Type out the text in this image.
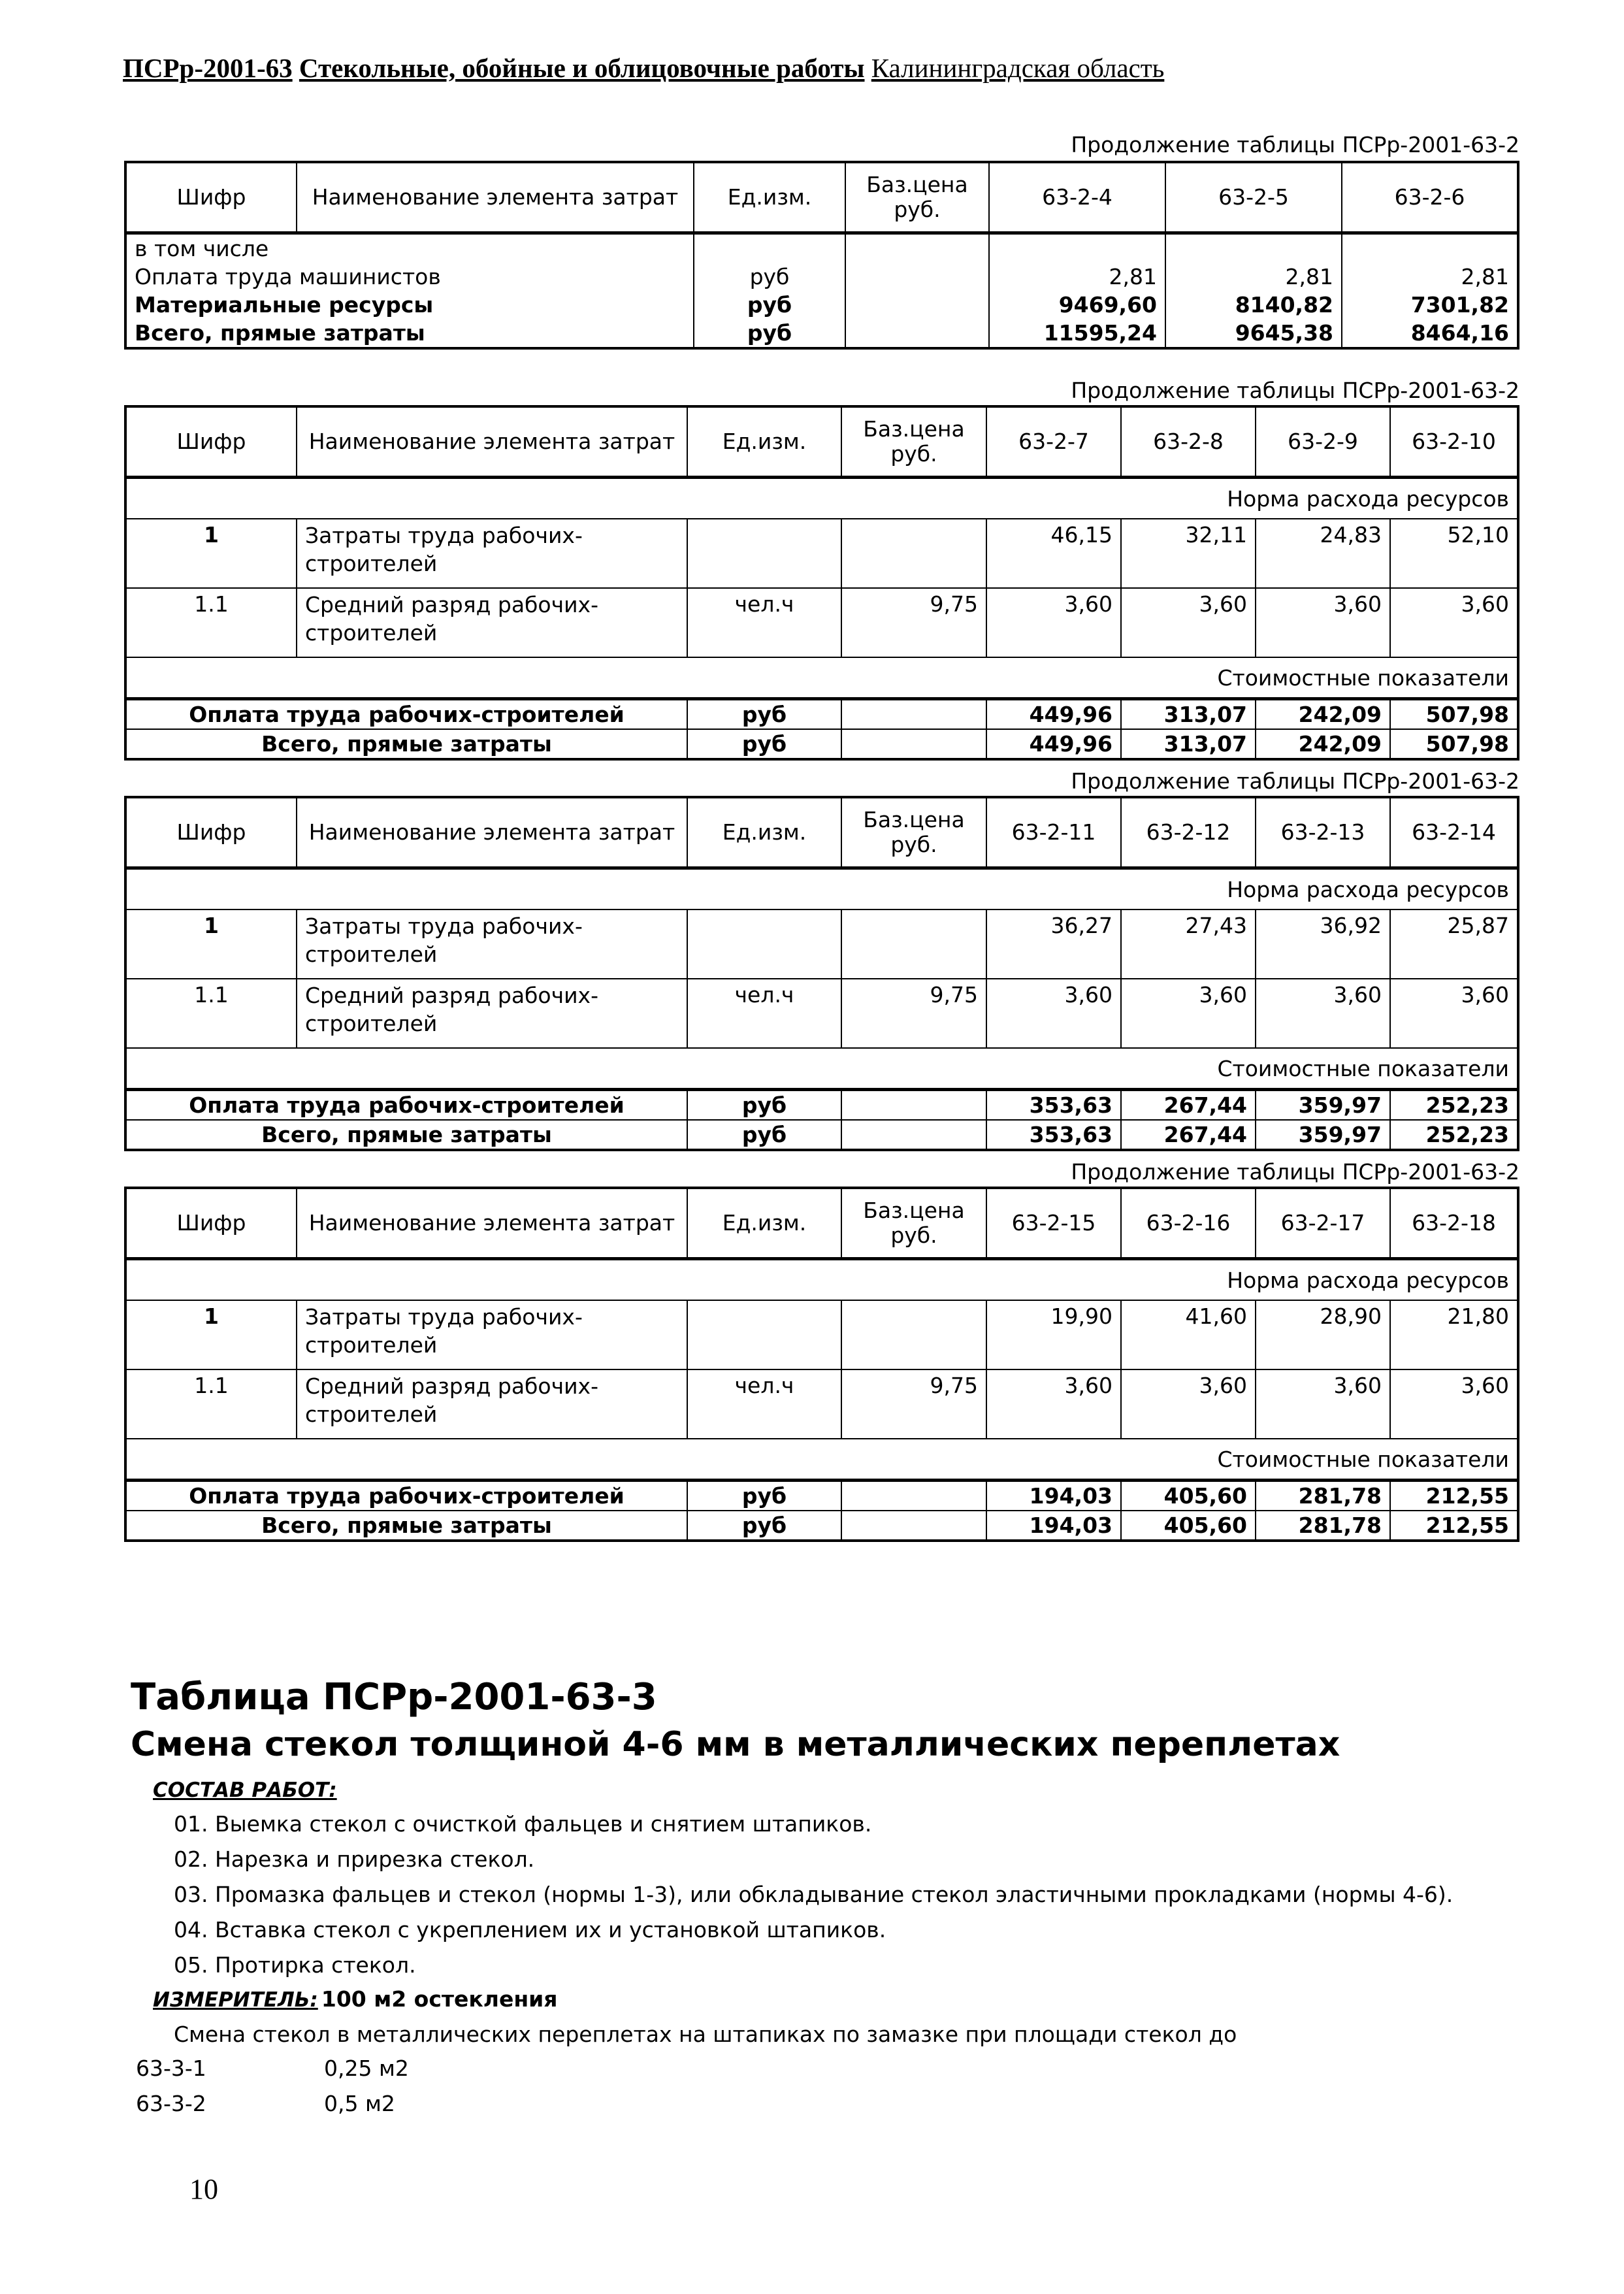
ПСРр-2001-63 Стекольные, обойные и облицовочные работы Калининградская область
Продолжение таблицы ПСРр-2001-63-2
Шифр	Наименование элемента затрат	Ед.изм.	Баз.цена руб.	63-2-4	63-2-5	63-2-6
в том числе						
Оплата труда машинистов		руб		2,81	2,81	2,81
Материальные ресурсы		руб		9469,60	8140,82	7301,82
Всего, прямые затраты		руб		11595,24	9645,38	8464,16
Продолжение таблицы ПСРр-2001-63-2
Шифр	Наименование элемента затрат	Ед.изм.	Баз.цена руб.	63-2-7	63-2-8	63-2-9	63-2-10
Норма расхода ресурсов							
1	Затраты труда рабочих-строителей			46,15	32,11	24,83	52,10
1.1	Средний разряд рабочих-строителей	чел.ч	9,75	3,60	3,60	3,60	3,60
Стоимостные показатели							
Оплата труда рабочих-строителей		руб		449,96	313,07	242,09	507,98
Всего, прямые затраты		руб		449,96	313,07	242,09	507,98
Продолжение таблицы ПСРр-2001-63-2
Шифр	Наименование элемента затрат	Ед.изм.	Баз.цена руб.	63-2-11	63-2-12	63-2-13	63-2-14
Норма расхода ресурсов							
1	Затраты труда рабочих-строителей			36,27	27,43	36,92	25,87
1.1	Средний разряд рабочих-строителей	чел.ч	9,75	3,60	3,60	3,60	3,60
Стоимостные показатели							
Оплата труда рабочих-строителей		руб		353,63	267,44	359,97	252,23
Всего, прямые затраты		руб		353,63	267,44	359,97	252,23
Продолжение таблицы ПСРр-2001-63-2
Шифр	Наименование элемента затрат	Ед.изм.	Баз.цена руб.	63-2-15	63-2-16	63-2-17	63-2-18
Норма расхода ресурсов							
1	Затраты труда рабочих-строителей			19,90	41,60	28,90	21,80
1.1	Средний разряд рабочих-строителей	чел.ч	9,75	3,60	3,60	3,60	3,60
Стоимостные показатели							
Оплата труда рабочих-строителей		руб		194,03	405,60	281,78	212,55
Всего, прямые затраты		руб		194,03	405,60	281,78	212,55
Таблица ПСРр-2001-63-3
Смена стекол толщиной 4-6 мм в металлических переплетах
СОСТАВ РАБОТ:
01. Выемка стекол с очисткой фальцев и снятием штапиков.
02. Нарезка и прирезка стекол.
03. Промазка фальцев и стекол (нормы 1-3), или обкладывание стекол эластичными прокладками (нормы 4-6).
04. Вставка стекол с укреплением их и установкой штапиков.
05. Протирка стекол.
ИЗМЕРИТЕЛЬ: 100 м2 остекления
Смена стекол в металлических переплетах на штапиках по замазке при площади стекол до
63-3-1	0,25 м2
63-3-2	0,5 м2
10
